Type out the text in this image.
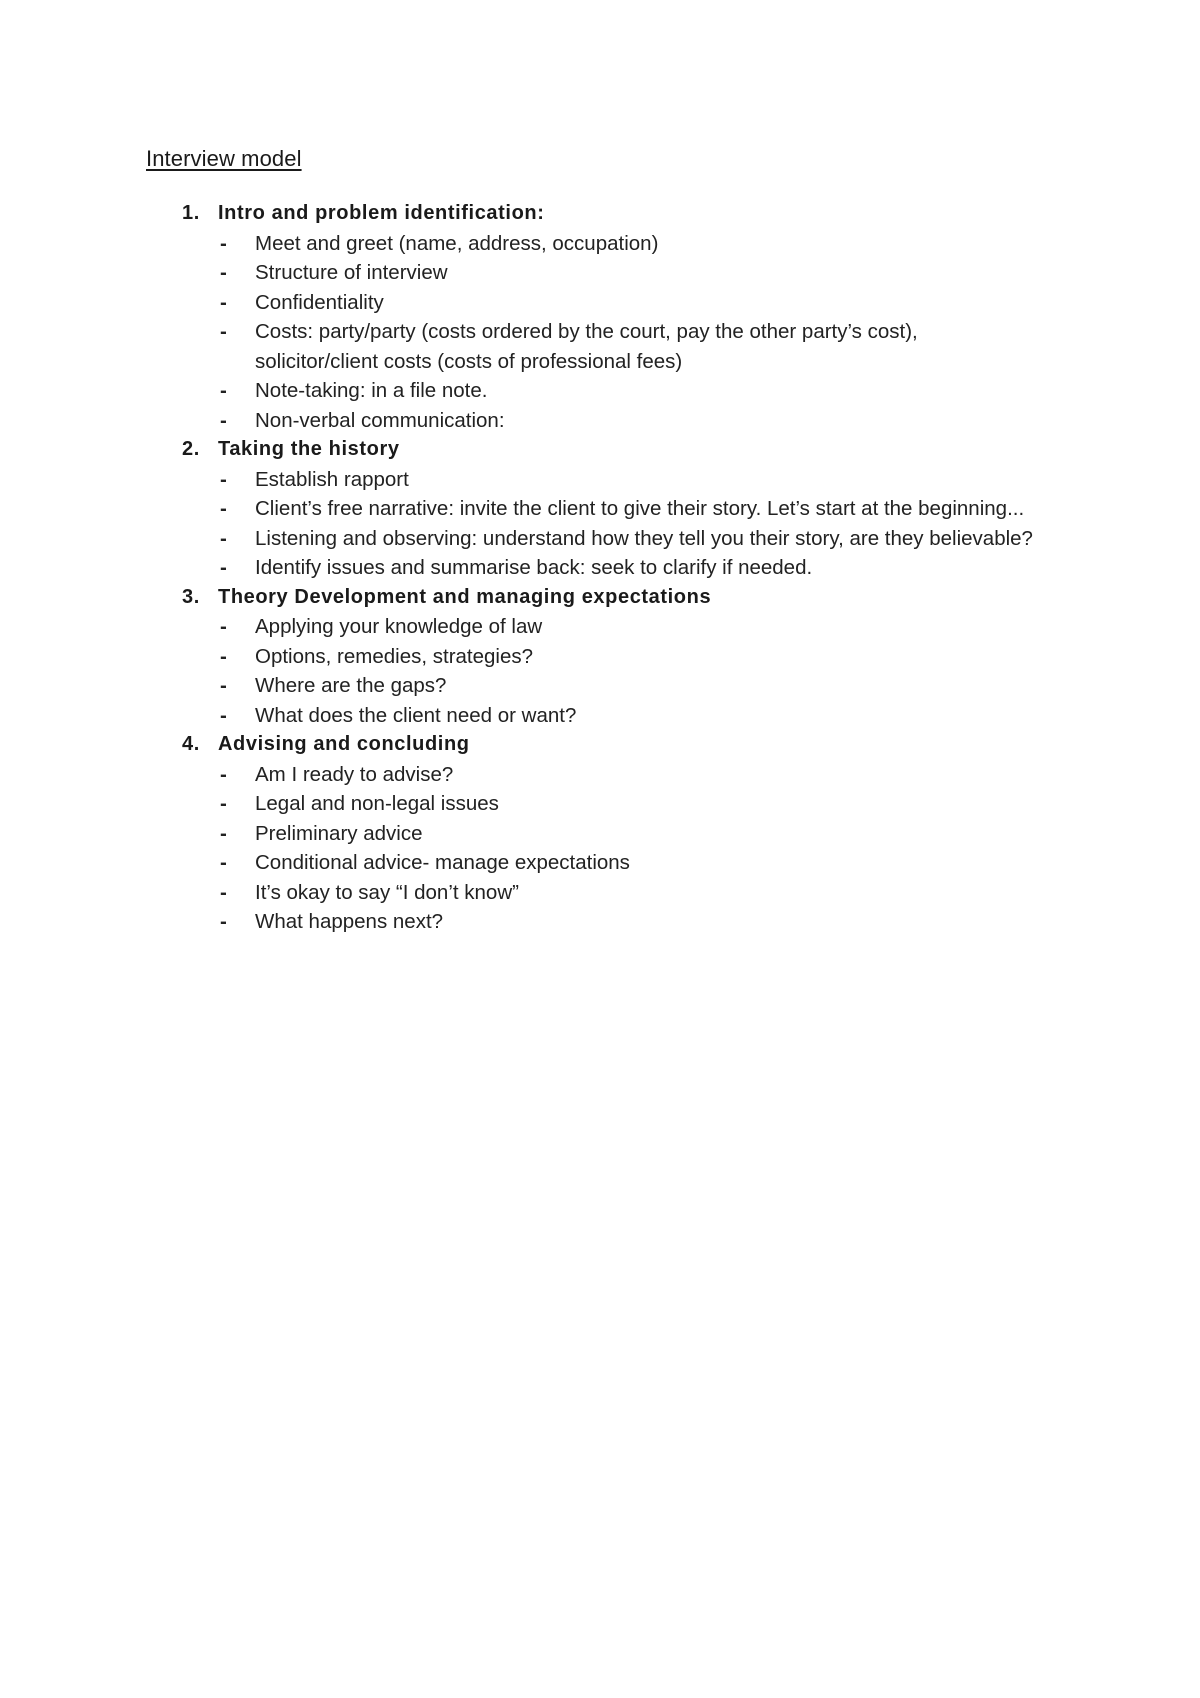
Interview model
1. Intro and problem identification:
- Meet and greet (name, address, occupation)
- Structure of interview
- Confidentiality
- Costs: party/party (costs ordered by the court, pay the other party’s cost), solicitor/client costs (costs of professional fees)
- Note-taking: in a file note.
- Non-verbal communication:
2. Taking the history
- Establish rapport
- Client’s free narrative: invite the client to give their story. Let’s start at the beginning...
- Listening and observing: understand how they tell you their story, are they believable?
- Identify issues and summarise back: seek to clarify if needed.
3. Theory Development and managing expectations
- Applying your knowledge of law
- Options, remedies, strategies?
- Where are the gaps?
- What does the client need or want?
4. Advising and concluding
- Am I ready to advise?
- Legal and non-legal issues
- Preliminary advice
- Conditional advice- manage expectations
- It’s okay to say “I don’t know”
- What happens next?
